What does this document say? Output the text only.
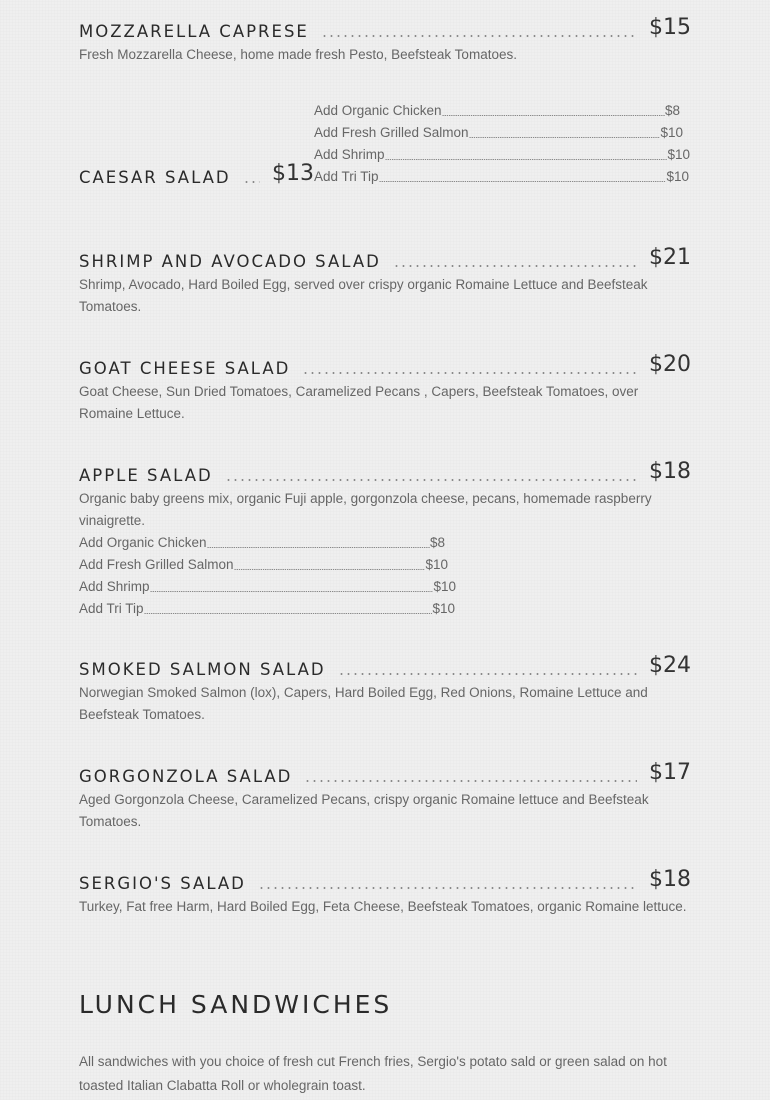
MOZZARELLA CAPRESE	$15
Fresh Mozzarella Cheese, home made fresh Pesto, Beefsteak Tomatoes.
CAESAR SALAD $13
Add Organic Chicken	$8
Add Fresh Grilled Salmon	$10
Add Shrimp	$10
Add Tri Tip	$10
SHRIMP AND AVOCADO SALAD	$21
Shrimp, Avocado, Hard Boiled Egg, served over crispy organic Romaine Lettuce and Beefsteak Tomatoes.
GOAT CHEESE SALAD	$20
Goat Cheese, Sun Dried Tomatoes, Caramelized Pecans , Capers, Beefsteak Tomatoes, over Romaine Lettuce.
APPLE SALAD	$18
Organic baby greens mix, organic Fuji apple, gorgonzola cheese, pecans, homemade raspberry vinaigrette.
Add Organic Chicken	$8
Add Fresh Grilled Salmon	$10
Add Shrimp	$10
Add Tri Tip	$10
SMOKED SALMON SALAD	$24
Norwegian Smoked Salmon (lox), Capers, Hard Boiled Egg, Red Onions, Romaine Lettuce and Beefsteak Tomatoes.
GORGONZOLA SALAD	$17
Aged Gorgonzola Cheese, Caramelized Pecans, crispy organic Romaine lettuce and Beefsteak Tomatoes.
SERGIO'S SALAD	$18
Turkey, Fat free Harm, Hard Boiled Egg, Feta Cheese, Beefsteak Tomatoes, organic Romaine lettuce.
LUNCH SANDWICHES
All sandwiches with you choice of fresh cut French fries, Sergio's potato sald or green salad on hot toasted Italian Clabatta Roll or wholegrain toast.
